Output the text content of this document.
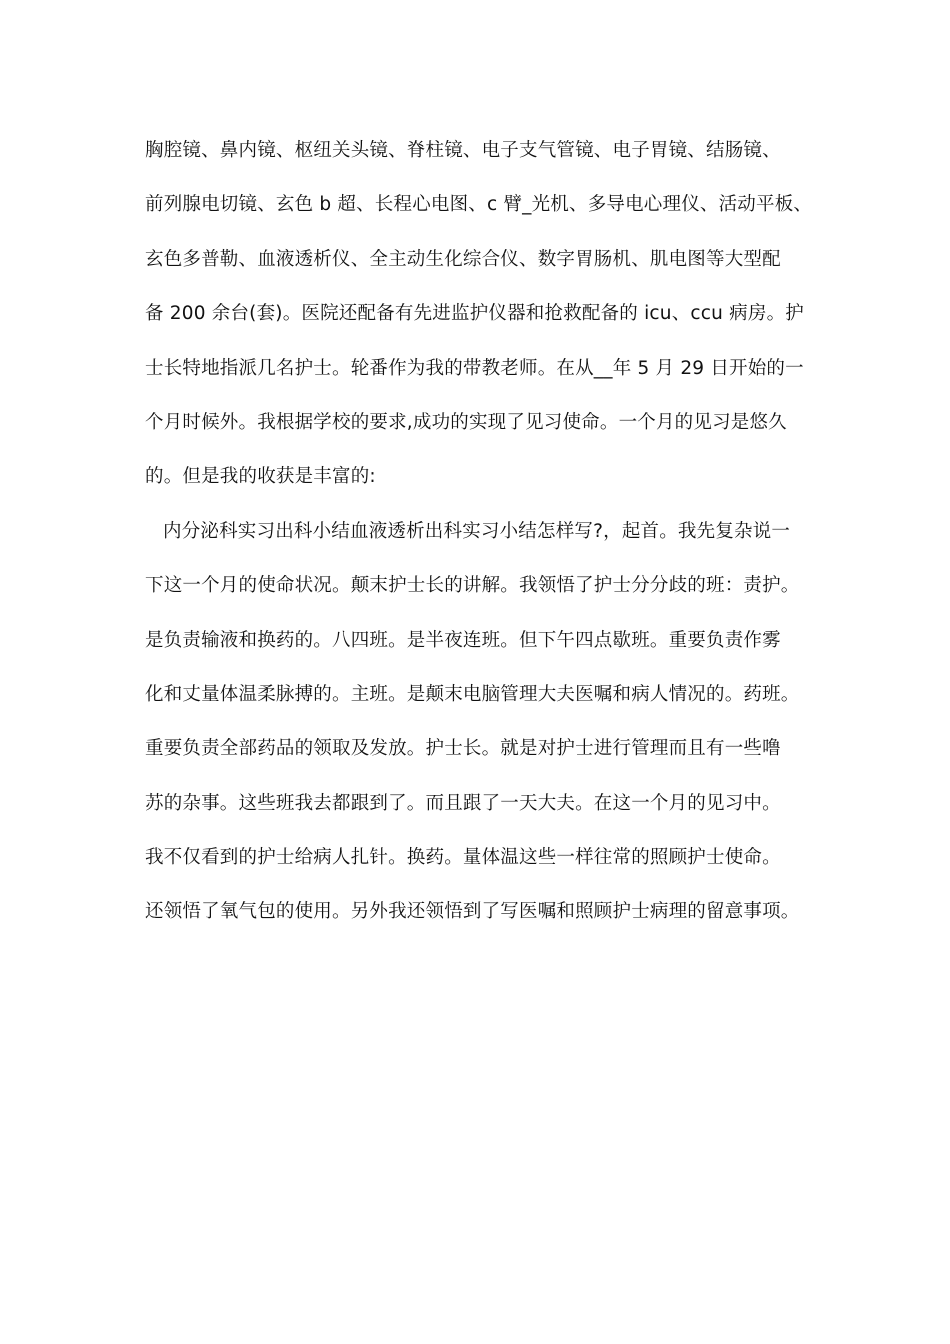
胸腔镜、鼻内镜、枢纽关头镜、脊柱镜、电子支气管镜、电子胃镜、结肠镜、
前列腺电切镜、玄色 b 超、长程心电图、c 臂_光机、多导电心理仪、活动平板、
玄色多普勒、血液透析仪、全主动生化综合仪、数字胃肠机、肌电图等大型配
备 200 余台(套)。医院还配备有先进监护仪器和抢救配备的 icu、ccu 病房。护
士长特地指派几名护士。轮番作为我的带教老师。在从__年 5 月 29 日开始的一
个月时候外。我根据学校的要求,成功的实现了见习使命。一个月的见习是悠久
的。但是我的收获是丰富的:
内分泌科实习出科小结血液透析出科实习小结怎样写?，起首。我先复杂说一
下这一个月的使命状况。颠末护士长的讲解。我领悟了护士分分歧的班：责护。
是负责输液和换药的。八四班。是半夜连班。但下午四点歇班。重要负责作雾
化和丈量体温柔脉搏的。主班。是颠末电脑管理大夫医嘱和病人情况的。药班。
重要负责全部药品的领取及发放。护士长。就是对护士进行管理而且有一些噜
苏的杂事。这些班我去都跟到了。而且跟了一天大夫。在这一个月的见习中。
我不仅看到的护士给病人扎针。换药。量体温这些一样往常的照顾护士使命。
还领悟了氧气包的使用。另外我还领悟到了写医嘱和照顾护士病理的留意事项。
